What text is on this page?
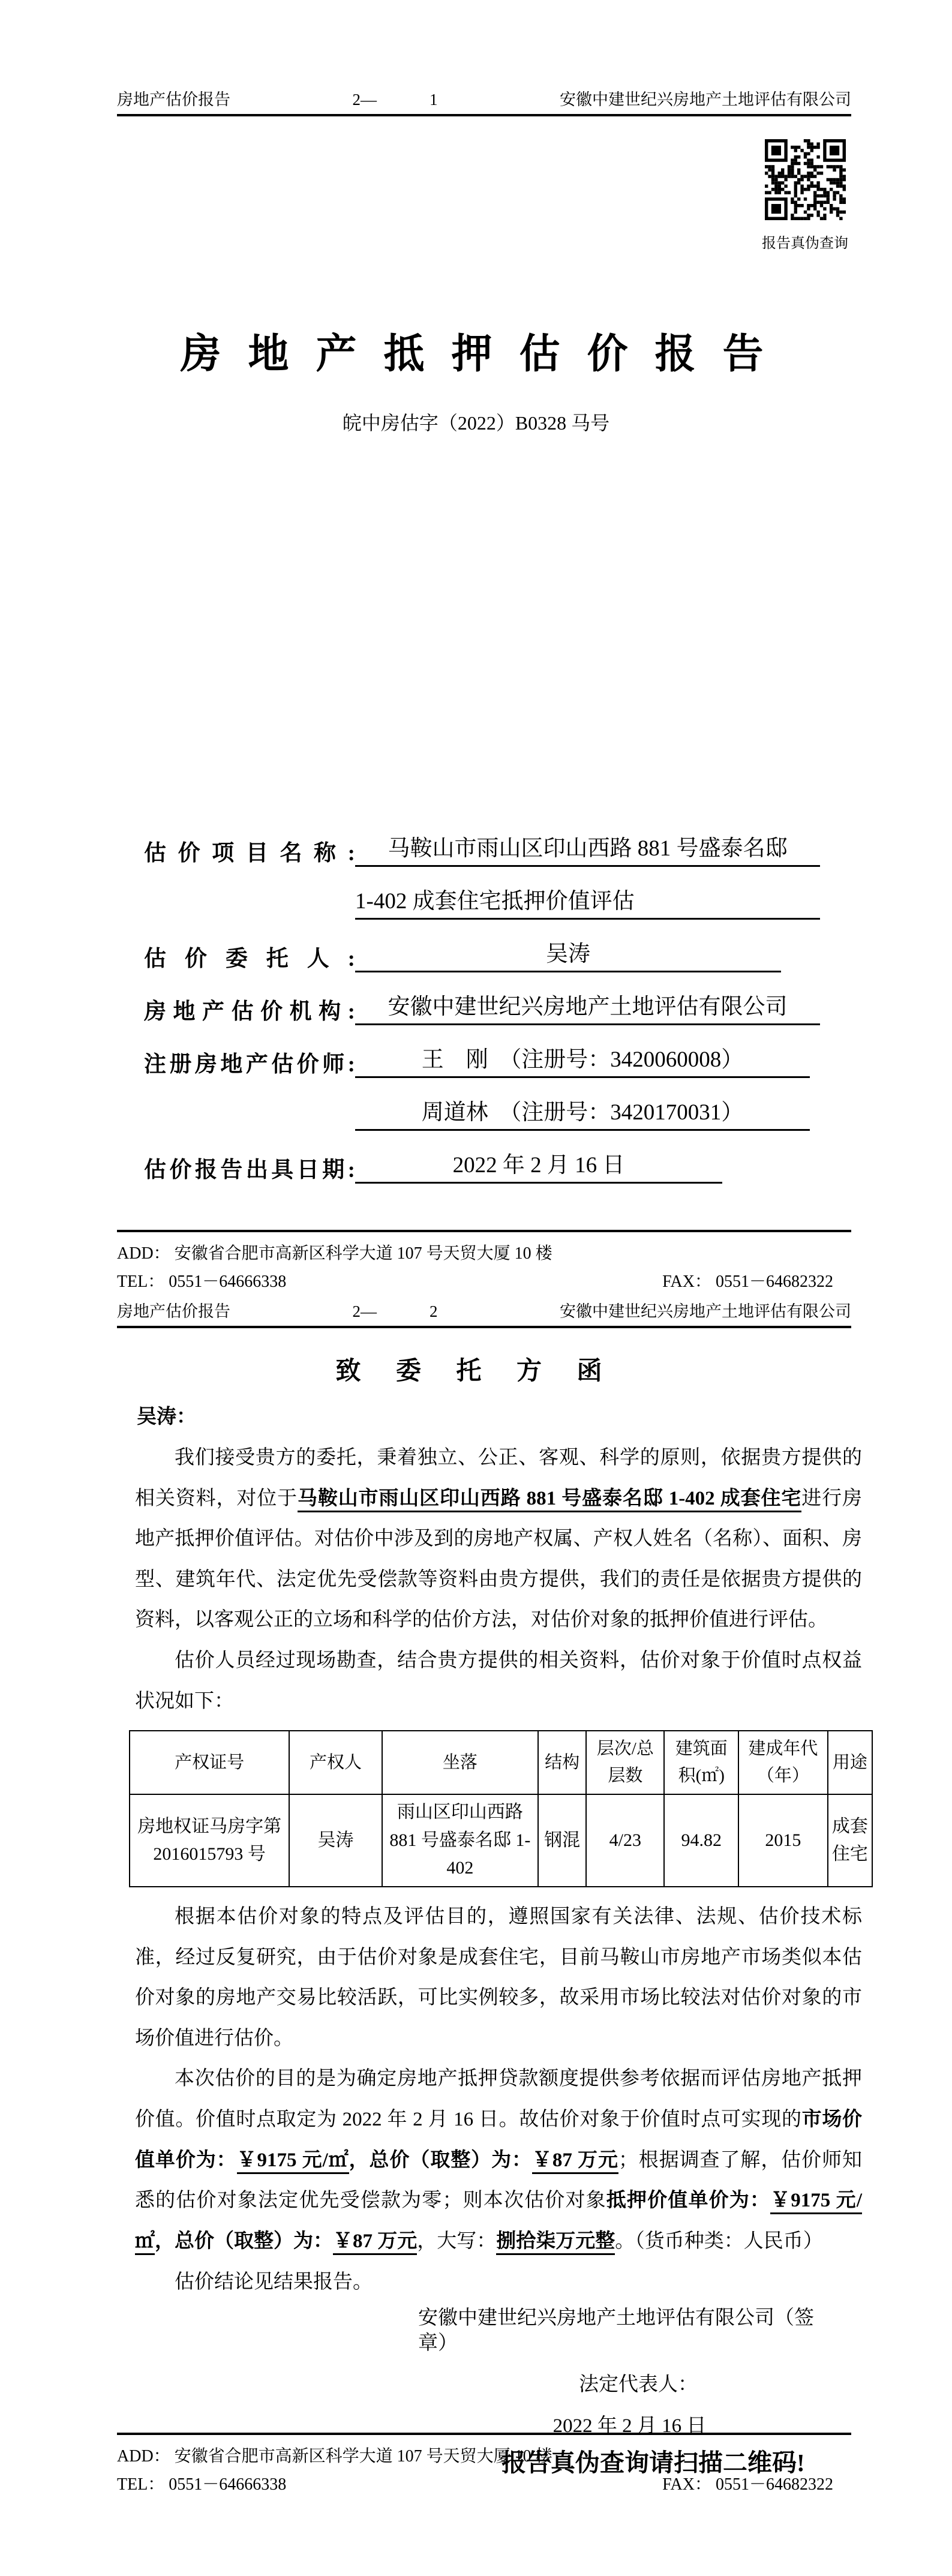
房地产估价报告	2—	1	安徽中建世纪兴房地产土地评估有限公司
报告真伪查询
房 地 产 抵 押 估 价 报 告
皖中房估字（2022）B0328 马号
估价项目名称: 马鞍山市雨山区印山西路 881 号盛泰名邸
1-402 成套住宅抵押价值评估
估价委托人:	吴涛
房地产估价机构: 安徽中建世纪兴房地产土地评估有限公司
注册房地产估价师:	王　刚　（注册号：3420060008）
周道林　（注册号：3420170031）
估价报告出具日期:	2022 年 2 月 16 日
ADD： 安徽省合肥市高新区科学大道 107 号天贸大厦 10 楼
TEL： 0551－64666338	FAX： 0551－64682322
房地产估价报告	2—	2	安徽中建世纪兴房地产土地评估有限公司
致 委 托 方 函
吴涛：
我们接受贵方的委托，秉着独立、公正、客观、科学的原则，依据贵方提供的相关资料，对位于马鞍山市雨山区印山西路 881 号盛泰名邸 1-402 成套住宅进行房地产抵押价值评估。对估价中涉及到的房地产权属、产权人姓名（名称）、面积、房型、建筑年代、法定优先受偿款等资料由贵方提供，我们的责任是依据贵方提供的资料，以客观公正的立场和科学的估价方法，对估价对象的抵押价值进行评估。
估价人员经过现场勘查，结合贵方提供的相关资料，估价对象于价值时点权益状况如下：
产权证号	产权人	坐落	结构	层次/总层数	建筑面积(㎡)	建成年代（年）	用途
房地权证马房字第 2016015793 号	吴涛	雨山区印山西路 881 号盛泰名邸 1-402	钢混	4/23	94.82	2015	成套住宅
根据本估价对象的特点及评估目的，遵照国家有关法律、法规、估价技术标准，经过反复研究，由于估价对象是成套住宅，目前马鞍山市房地产市场类似本估价对象的房地产交易比较活跃，可比实例较多，故采用市场比较法对估价对象的市场价值进行估价。
本次估价的目的是为确定房地产抵押贷款额度提供参考依据而评估房地产抵押价值。价值时点取定为 2022 年 2 月 16 日。故估价对象于价值时点可实现的市场价值单价为：￥9175 元/㎡，总价（取整）为：￥87 万元；根据调查了解，估价师知悉的估价对象法定优先受偿款为零；则本次估价对象抵押价值单价为：￥9175 元/㎡，总价（取整）为：￥87 万元，大写：捌拾柒万元整。（货币种类：人民币）
估价结论见结果报告。
安徽中建世纪兴房地产土地评估有限公司（签章）
法定代表人：
2022 年 2 月 16 日
报告真伪查询请扫描二维码!
ADD： 安徽省合肥市高新区科学大道 107 号天贸大厦 10 楼
TEL： 0551－64666338	FAX： 0551－64682322
